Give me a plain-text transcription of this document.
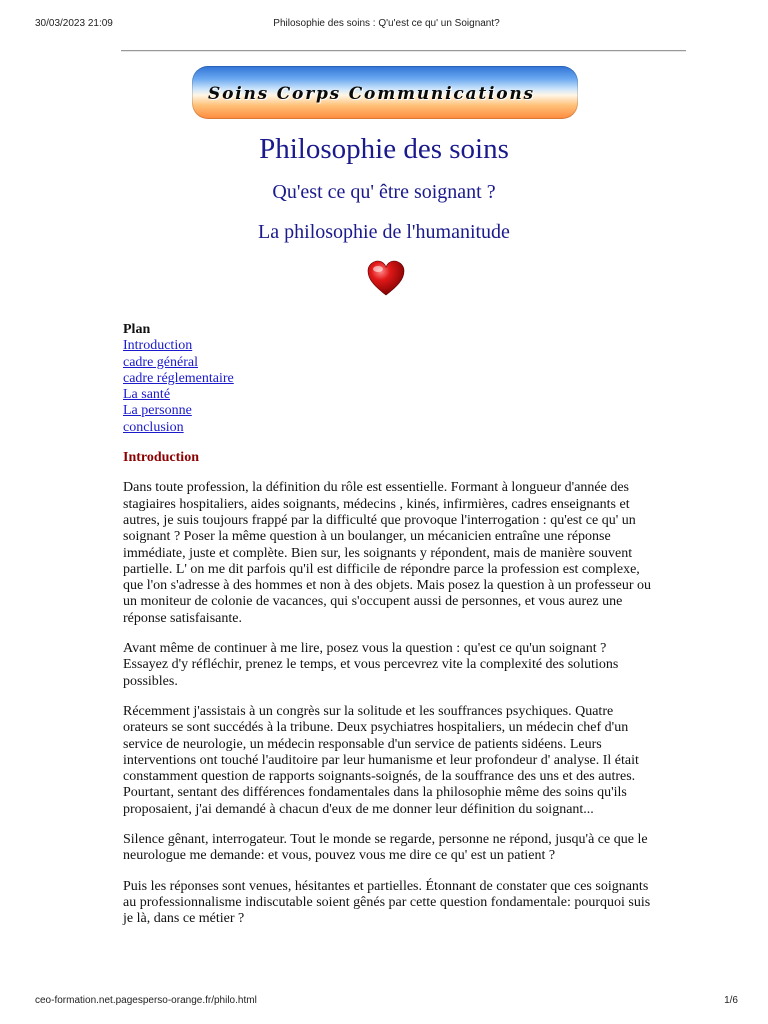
30/03/2023 21:09	Philosophie des soins : Q'u'est ce qu' un Soignant?
Soins Corps Communications
Philosophie des soins
Qu'est ce qu' être soignant ?
La philosophie de l'humanitude
Plan
Introduction
cadre général
cadre réglementaire
La santé
La personne
conclusion
Introduction

Dans toute profession, la définition du rôle est essentielle. Formant à longueur d'année des stagiaires hospitaliers, aides soignants, médecins , kinés, infirmières, cadres enseignants et autres, je suis toujours frappé par la difficulté que provoque l'interrogation : qu'est ce qu' un soignant ? Poser la même question à un boulanger, un mécanicien entraîne une réponse immédiate, juste et complète. Bien sur, les soignants y répondent, mais de manière souvent partielle. L' on me dit parfois qu'il est difficile de répondre parce la profession est complexe, que l'on s'adresse à des hommes et non à des objets. Mais posez la question à un professeur ou un moniteur de colonie de vacances, qui s'occupent aussi de personnes, et vous aurez une réponse satisfaisante.

Avant même de continuer à me lire, posez vous la question : qu'est ce qu'un soignant ? Essayez d'y réfléchir, prenez le temps, et vous percevrez vite la complexité des solutions possibles.

Récemment j'assistais à un congrès sur la solitude et les souffrances psychiques. Quatre orateurs se sont succédés à la tribune. Deux psychiatres hospitaliers, un médecin chef d'un service de neurologie, un médecin responsable d'un service de patients sidéens. Leurs interventions ont touché l'auditoire par leur humanisme et leur profondeur d' analyse. Il était constamment question de rapports soignants-soignés, de la souffrance des uns et des autres. Pourtant, sentant des différences fondamentales dans la philosophie même des soins qu'ils proposaient, j'ai demandé à chacun d'eux de me donner leur définition du soignant...

Silence gênant, interrogateur. Tout le monde se regarde, personne ne répond, jusqu'à ce que le neurologue me demande: et vous, pouvez vous me dire ce qu' est un patient ?

Puis les réponses sont venues, hésitantes et partielles. Étonnant de constater que ces soignants au professionnalisme indiscutable soient gênés par cette question fondamentale: pourquoi suis je là, dans ce métier ?

ceo-formation.net.pagesperso-orange.fr/philo.html	1/6
